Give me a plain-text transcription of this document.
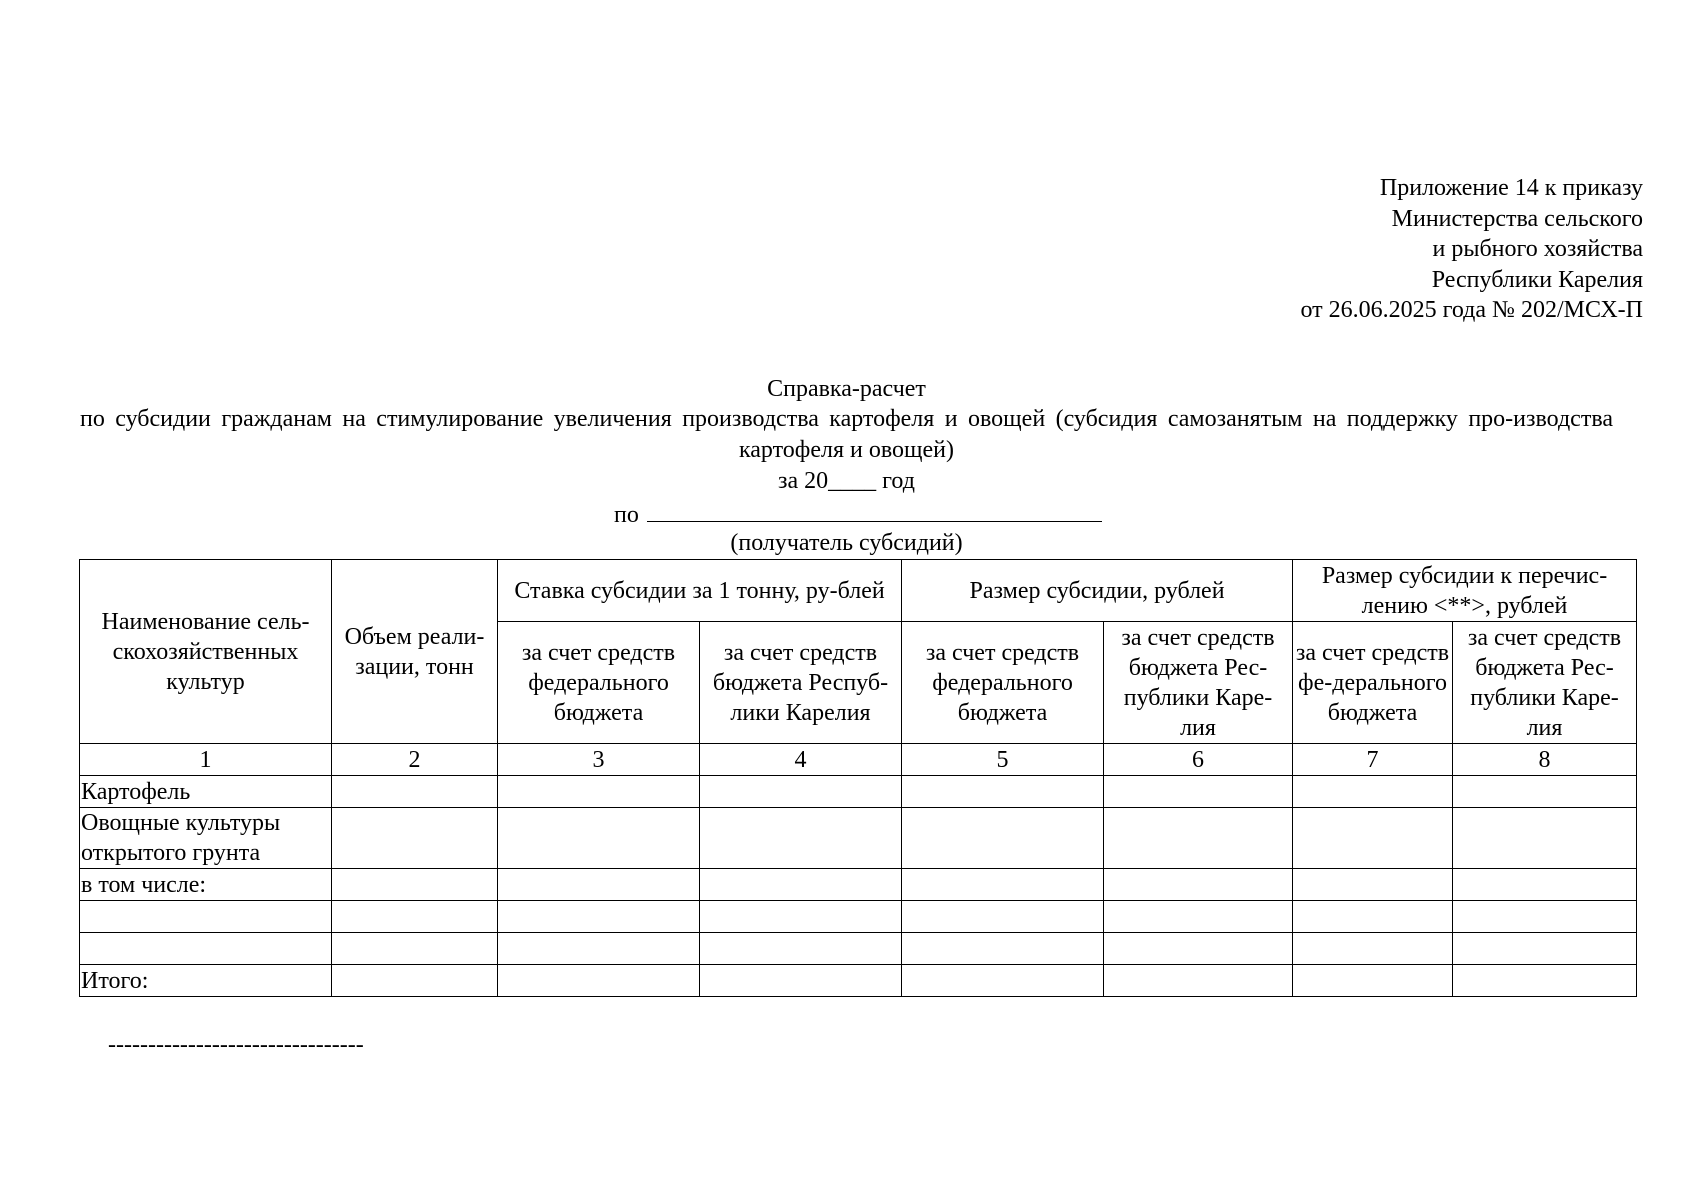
Приложение 14 к приказу
Министерства сельского
и рыбного хозяйства
Республики Карелия
от 26.06.2025 года № 202/МСХ-П
Справка-расчет
по субсидии гражданам на стимулирование увеличения производства картофеля и овощей (субсидия самозанятым на поддержку про-изводства картофеля и овощей)
за 20____ год
по
(получатель субсидий)
Наименование сель-скохозяйственных культур	Объем реали-зации, тонн	Ставка субсидии за 1 тонну, ру-блей		Размер субсидии, рублей		Размер субсидии к перечис-лению <**>, рублей	
		за счет средств федерального бюджета	за счет средств бюджета Респуб-лики Карелия	за счет средств федерального бюджета	за счет средств бюджета Рес-публики Каре-лия	за счет средств фе-дерального бюджета	за счет средств бюджета Рес-публики Каре-лия
1	2	3	4	5	6	7	8
Картофель							
Овощные культуры открытого грунта							
в том числе:							

Итого:							
--------------------------------
